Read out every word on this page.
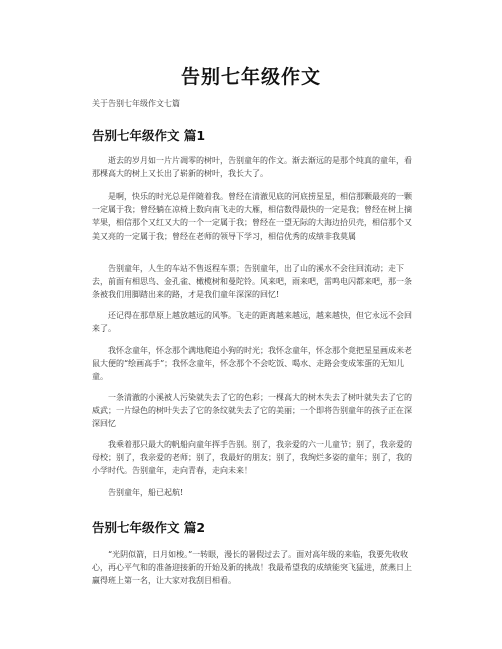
告别七年级作文

关于告别七年级作文七篇

告别七年级作文 篇1

逝去的岁月如一片片凋零的树叶，告别童年的作文。渐去渐远的是那个纯真的童年，看那棵高大的树上又长出了崭新的树叶，我长大了。

是啊，快乐的时光总是伴随着我。曾经在清澈见底的河底捞星星，相信那颗最亮的一颗一定属于我；曾经躺在凉椅上数向南飞走的大雁，相信数得最快的一定是我；曾经在树上摘苹果，相信那个又红又大的一个一定属于我；曾经在一望无际的大海边拾贝壳，相信那个又美又亮的一定属于我；曾经在老师的领导下学习，相信优秀的成绩非我莫属

告别童年，人生的车站不售返程车票；告别童年，出了山的溪水不会往回流动；走下去，前面有相思鸟、金孔雀、橄榄树和曼陀铃。风来吧，雨来吧，雷鸣电闪都来吧，那一条条被我们用脚踏出来的路，才是我们童年深深的回忆!

还记得在那草原上越放越远的风筝。飞走的距离越来越远，越来越快，但它永远不会回来了。

我怀念童年，怀念那个满地爬追小狗的时光；我怀念童年，怀念那个竟把星星画成米老鼠大便的“绘画高手”；我怀念童年，怀念那个不会吃饭、喝水、走路会变成笨蛋的无知儿童。

一条清澈的小溪被人污染就失去了它的色彩；一棵高大的树木失去了树叶就失去了它的威武；一片绿色的树叶失去了它的条纹就失去了它的美丽；一个即将告别童年的孩子正在深深回忆

我乘着那只最大的帆船向童年挥手告别。别了，我亲爱的六一儿童节；别了，我亲爱的母校；别了，我亲爱的老师；别了，我最好的朋友；别了，我绚烂多姿的童年；别了，我的小学时代。告别童年，走向青春，走向未来！

告别童年，船已起航!

告别七年级作文 篇2

“光阴似箭，日月如梭。”一转眼，漫长的暑假过去了。面对高年级的来临，我要先收收心，再心平气和的准备迎接新的开始及新的挑战！我最希望我的成绩能突飞猛进，蔗燕日上赢得班上第一名，让大家对我刮目相看。
